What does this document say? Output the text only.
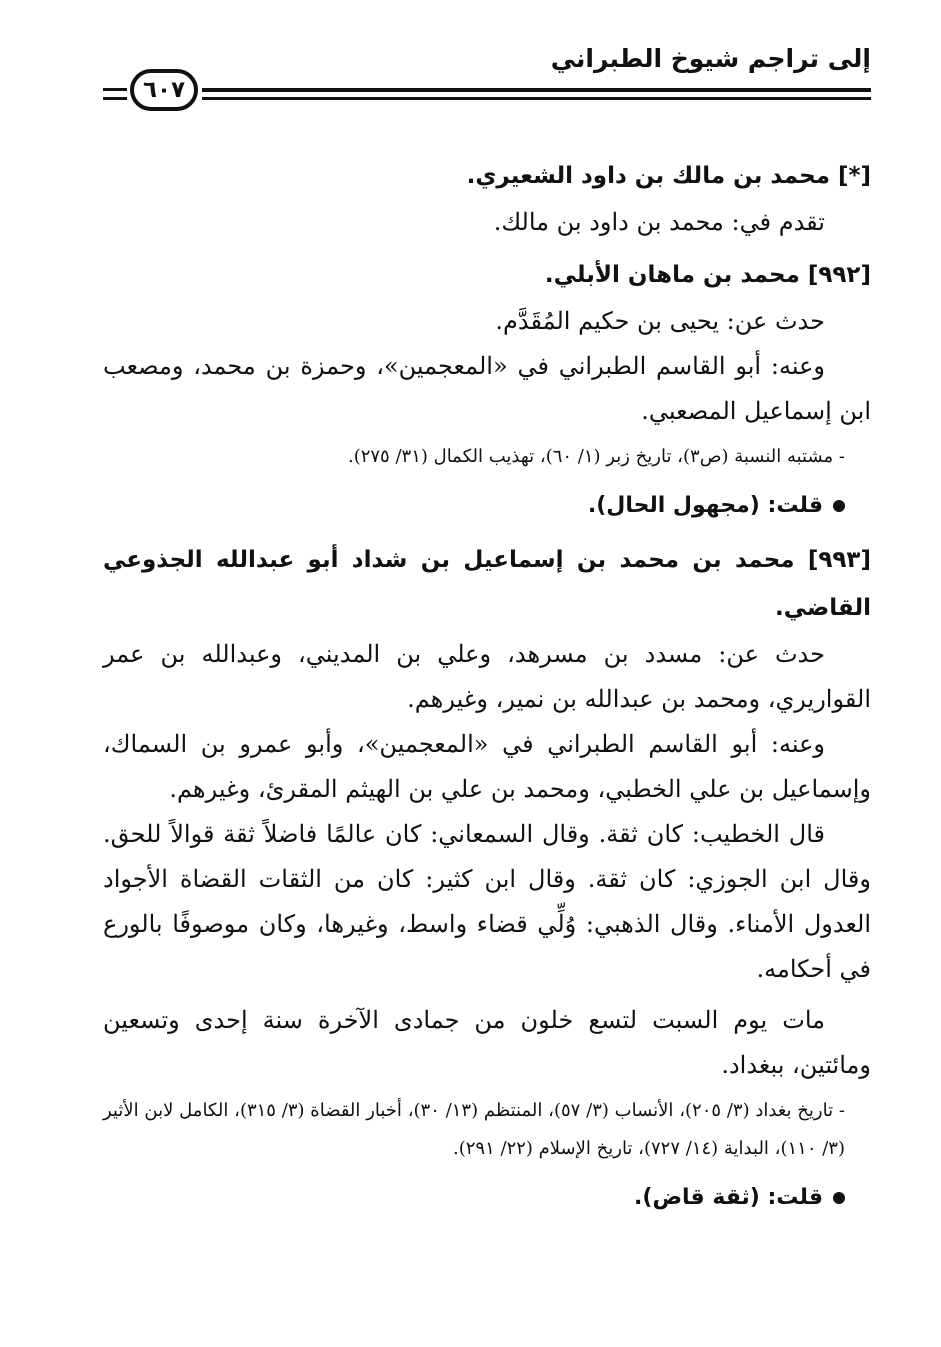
إلى تراجم شيوخ الطبراني
٦٠٧

[*] محمد بن مالك بن داود الشعيري.

تقدم في: محمد بن داود بن مالك.

[٩٩٢] محمد بن ماهان الأبلي.

حدث عن: يحيى بن حكيم المُقَدَّم.

وعنه: أبو القاسم الطبراني في «المعجمين»، وحمزة بن محمد، ومصعب ابن إسماعيل المصعبي.

- مشتبه النسبة (ص٣)، تاريخ زبر (١/ ٦٠)، تهذيب الكمال (٣١/ ٢٧٥).

قلت: (مجهول الحال).

[٩٩٣] محمد بن محمد بن إسماعيل بن شداد أبو عبدالله الجذوعي القاضي.

حدث عن: مسدد بن مسرهد، وعلي بن المديني، وعبدالله بن عمر القواريري، ومحمد بن عبدالله بن نمير، وغيرهم.

وعنه: أبو القاسم الطبراني في «المعجمين»، وأبو عمرو بن السماك، وإسماعيل بن علي الخطبي، ومحمد بن علي بن الهيثم المقرئ، وغيرهم.

قال الخطيب: كان ثقة. وقال السمعاني: كان عالمًا فاضلاً ثقة قوالاً للحق. وقال ابن الجوزي: كان ثقة. وقال ابن كثير: كان من الثقات القضاة الأجواد العدول الأمناء. وقال الذهبي: وُلِّي قضاء واسط، وغيرها، وكان موصوفًا بالورع في أحكامه.

مات يوم السبت لتسع خلون من جمادى الآخرة سنة إحدى وتسعين ومائتين، ببغداد.

- تاريخ بغداد (٣/ ٢٠٥)، الأنساب (٣/ ٥٧)، المنتظم (١٣/ ٣٠)، أخبار القضاة (٣/ ٣١٥)، الكامل لابن الأثير (٣/ ١١٠)، البداية (١٤/ ٧٢٧)، تاريخ الإسلام (٢٢/ ٢٩١).

قلت: (ثقة قاض).
